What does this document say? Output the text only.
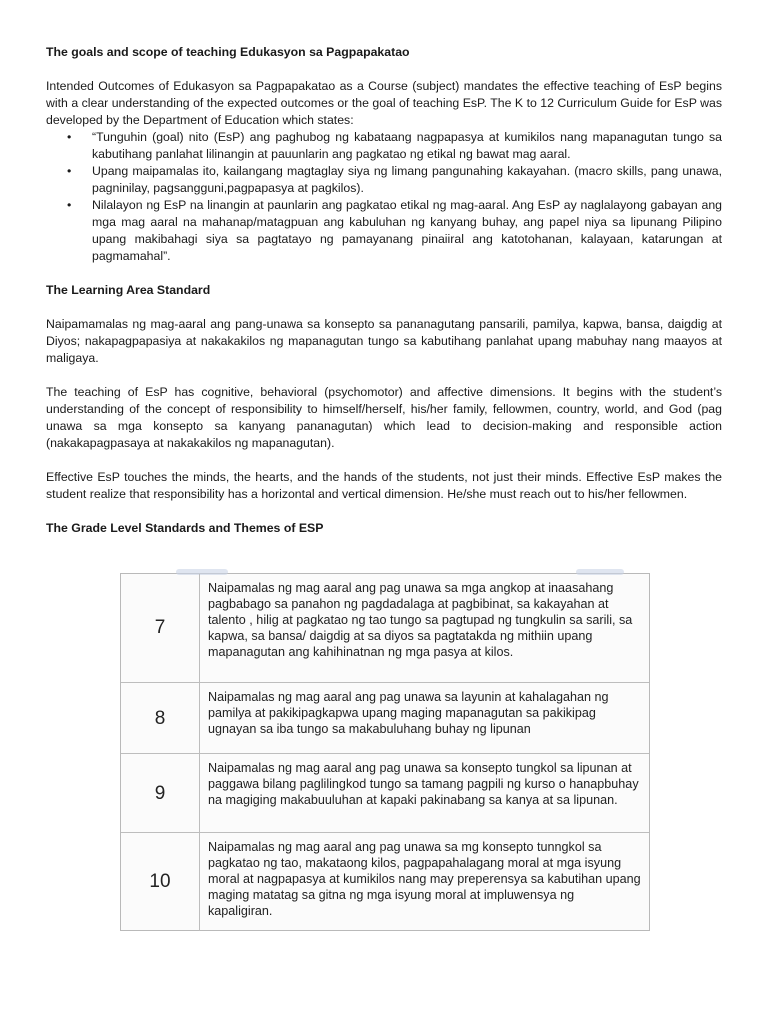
The goals and scope of teaching Edukasyon sa Pagpapakatao

Intended Outcomes of Edukasyon sa Pagpapakatao as a Course (subject) mandates the effective teaching of EsP begins with a clear understanding of the expected outcomes or the goal of teaching EsP. The K to 12 Curriculum Guide for EsP was developed by the Department of Education which states:

• “Tunguhin (goal) nito (EsP) ang paghubog ng kabataang nagpapasya at kumikilos nang mapanagutan tungo sa kabutihang panlahat lilinangin at pauunlarin ang pagkatao ng etikal ng bawat mag aaral.
• Upang maipamalas ito, kailangang magtaglay siya ng limang pangunahing kakayahan. (macro skills, pang unawa, pagninilay, pagsangguni,pagpapasya at pagkilos).
• Nilalayon ng EsP na linangin at paunlarin ang pagkatao etikal ng mag-aaral. Ang EsP ay naglalayong gabayan ang mga mag aaral na mahanap/matagpuan ang kabuluhan ng kanyang buhay, ang papel niya sa lipunang Pilipino upang makibahagi siya sa pagtatayo ng pamayanang pinaiiral ang katotohanan, kalayaan, katarungan at pagmamahal”.

The Learning Area Standard

Naipamamalas ng mag-aaral ang pang-unawa sa konsepto sa pananagutang pansarili, pamilya, kapwa, bansa, daigdig at Diyos; nakapagpapasiya at nakakakilos ng mapanagutan tungo sa kabutihang panlahat upang mabuhay nang maayos at maligaya.

The teaching of EsP has cognitive, behavioral (psychomotor) and affective dimensions. It begins with the student’s understanding of the concept of responsibility to himself/herself, his/her family, fellowmen, country, world, and God (pag unawa sa mga konsepto sa kanyang pananagutan) which lead to decision-making and responsible action (nakakapagpasaya at nakakakilos ng mapanagutan).

Effective EsP touches the minds, the hearts, and the hands of the students, not just their minds. Effective EsP makes the student realize that responsibility has a horizontal and vertical dimension. He/she must reach out to his/her fellowmen.

The Grade Level Standards and Themes of ESP

7
Naipamalas ng mag aaral ang pag unawa sa mga angkop at inaasahang pagbabago sa panahon ng pagdadalaga at pagbibinat, sa kakayahan at talento , hilig at pagkatao ng tao tungo sa pagtupad ng tungkulin sa sarili, sa kapwa, sa bansa/ daigdig at sa diyos sa pagtatakda ng mithiin upang mapanagutan ang kahihinatnan ng mga pasya at kilos.
8
Naipamalas ng mag aaral ang pag unawa sa layunin at kahalagahan ng pamilya at pakikipagkapwa upang maging mapanagutan sa pakikipag ugnayan sa iba tungo sa makabuluhang buhay ng lipunan
9
Naipamalas ng mag aaral ang pag unawa sa konsepto tungkol sa lipunan at paggawa bilang paglilingkod tungo sa tamang pagpili ng kurso o hanapbuhay na magiging makabuuluhan at kapaki pakinabang sa kanya at sa lipunan.
10
Naipamalas ng mag aaral ang pag unawa sa mg konsepto tunngkol sa pagkatao ng tao, makataong kilos, pagpapahalagang moral at mga isyung moral at nagpapasya at kumikilos nang may preperensya sa kabutihan upang maging matatag sa gitna ng mga isyung moral at impluwensya ng kapaligiran.
